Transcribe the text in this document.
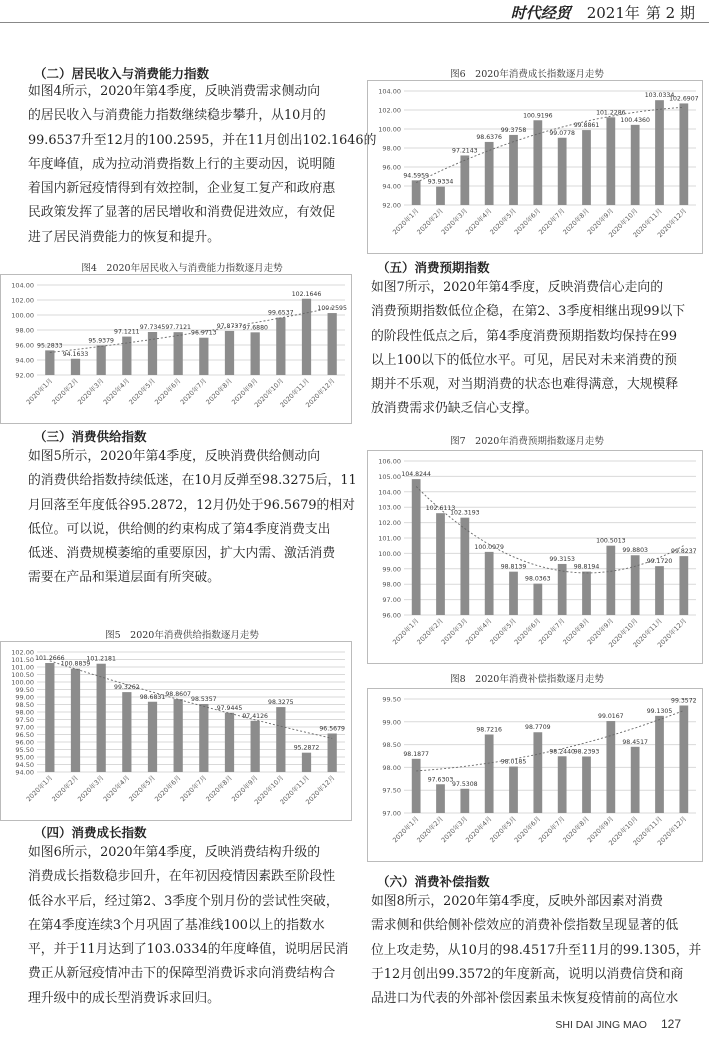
时代经贸 2021年 第 2 期
（二）居民收入与消费能力指数
如图4所示，2020年第4季度，反映消费需求侧动向
的居民收入与消费能力指数继续稳步攀升，从10月的
99.6537升至12月的100.2595，并在11月创出102.1646的
年度峰值，成为拉动消费指数上行的主要动因，说明随
着国内新冠疫情得到有效控制，企业复工复产和政府惠
民政策发挥了显著的居民增收和消费促进效应，有效促
进了居民消费能力的恢复和提升。
图4　2020年居民收入与消费能力指数逐月走势
92.00
94.00
96.00
98.00
100.00
102.00
104.00
95.2833
2020年1月
94.1633
2020年2月
95.9379
2020年3月
97.1211
2020年4月
97.7345
2020年5月
97.7121
2020年6月
96.9713
2020年7月
97.8737
2020年8月
97.6880
2020年9月
99.6537
2020年10月
102.1646
2020年11月
100.2595
2020年12月
（三）消费供给指数
如图5所示，2020年第4季度，反映消费供给侧动向
的消费供给指数持续低迷，在10月反弹至98.3275后，11
月回落至年度低谷95.2872，12月仍处于96.5679的相对
低位。可以说，供给侧的约束构成了第4季度消费支出
低迷、消费规模萎缩的重要原因，扩大内需、激活消费
需要在产品和渠道层面有所突破。
图5　2020年消费供给指数逐月走势
94.00
94.50
95.00
95.50
96.00
96.50
97.00
97.50
98.00
98.50
99.00
99.50
100.00
100.50
101.00
101.50
102.00
101.2666
2020年1月
100.8839
2020年2月
101.2181
2020年3月
99.3262
2020年4月
98.6831
2020年5月
98.8607
2020年6月
98.5357
2020年7月
97.9445
2020年8月
97.4126
2020年9月
98.3275
2020年10月
95.2872
2020年11月
96.5679
2020年12月
（四）消费成长指数
如图6所示，2020年第4季度，反映消费结构升级的
消费成长指数稳步回升，在年初因疫情因素跌至阶段性
低谷水平后，经过第2、3季度个别月份的尝试性突破，
在第4季度连续3个月巩固了基准线100以上的指数水
平，并于11月达到了103.0334的年度峰值，说明居民消
费正从新冠疫情冲击下的保障型消费诉求向消费结构合
理升级中的成长型消费诉求回归。
图6　2020年消费成长指数逐月走势
92.00
94.00
96.00
98.00
100.00
102.00
104.00
94.5959
2020年1月
93.9334
2020年2月
97.2143
2020年3月
98.6376
2020年4月
99.3758
2020年5月
100.9196
2020年6月
99.0778
2020年7月
99.8861
2020年8月
101.2286
2020年9月
100.4360
2020年10月
103.0334
2020年11月
102.6907
2020年12月
（五）消费预期指数
如图7所示，2020年第4季度，反映消费信心走向的
消费预期指数低位企稳，在第2、3季度相继出现99以下
的阶段性低点之后，第4季度消费预期指数均保持在99
以上100以下的低位水平。可见，居民对未来消费的预
期并不乐观，对当期消费的状态也难得满意，大规模释
放消费需求仍缺乏信心支撑。
图7　2020年消费预期指数逐月走势
96.00
97.00
98.00
99.00
100.00
101.00
102.00
103.00
104.00
105.00
106.00
104.8244
2020年1月
102.6113
2020年2月
102.3193
2020年3月
100.0979
2020年4月
98.8139
2020年5月
98.0363
2020年6月
99.3153
2020年7月
98.8194
2020年8月
100.5013
2020年9月
99.8803
2020年10月
99.1720
2020年11月
99.8237
2020年12月
图8　2020年消费补偿指数逐月走势
97.00
97.50
98.00
98.50
99.00
99.50
98.1877
2020年1月
97.6303
2020年2月
97.5308
2020年3月
98.7216
2020年4月
98.0185
2020年5月
98.7709
2020年6月
98.2440
2020年7月
98.2393
2020年8月
99.0167
2020年9月
98.4517
2020年10月
99.1305
2020年11月
99.3572
2020年12月
（六）消费补偿指数
如图8所示，2020年第4季度，反映外部因素对消费
需求侧和供给侧补偿效应的消费补偿指数呈现显著的低
位上攻走势，从10月的98.4517升至11月的99.1305，并
于12月创出99.3572的年度新高，说明以消费信贷和商
品进口为代表的外部补偿因素虽未恢复疫情前的高位水
SHI DAI JING MAO 127
